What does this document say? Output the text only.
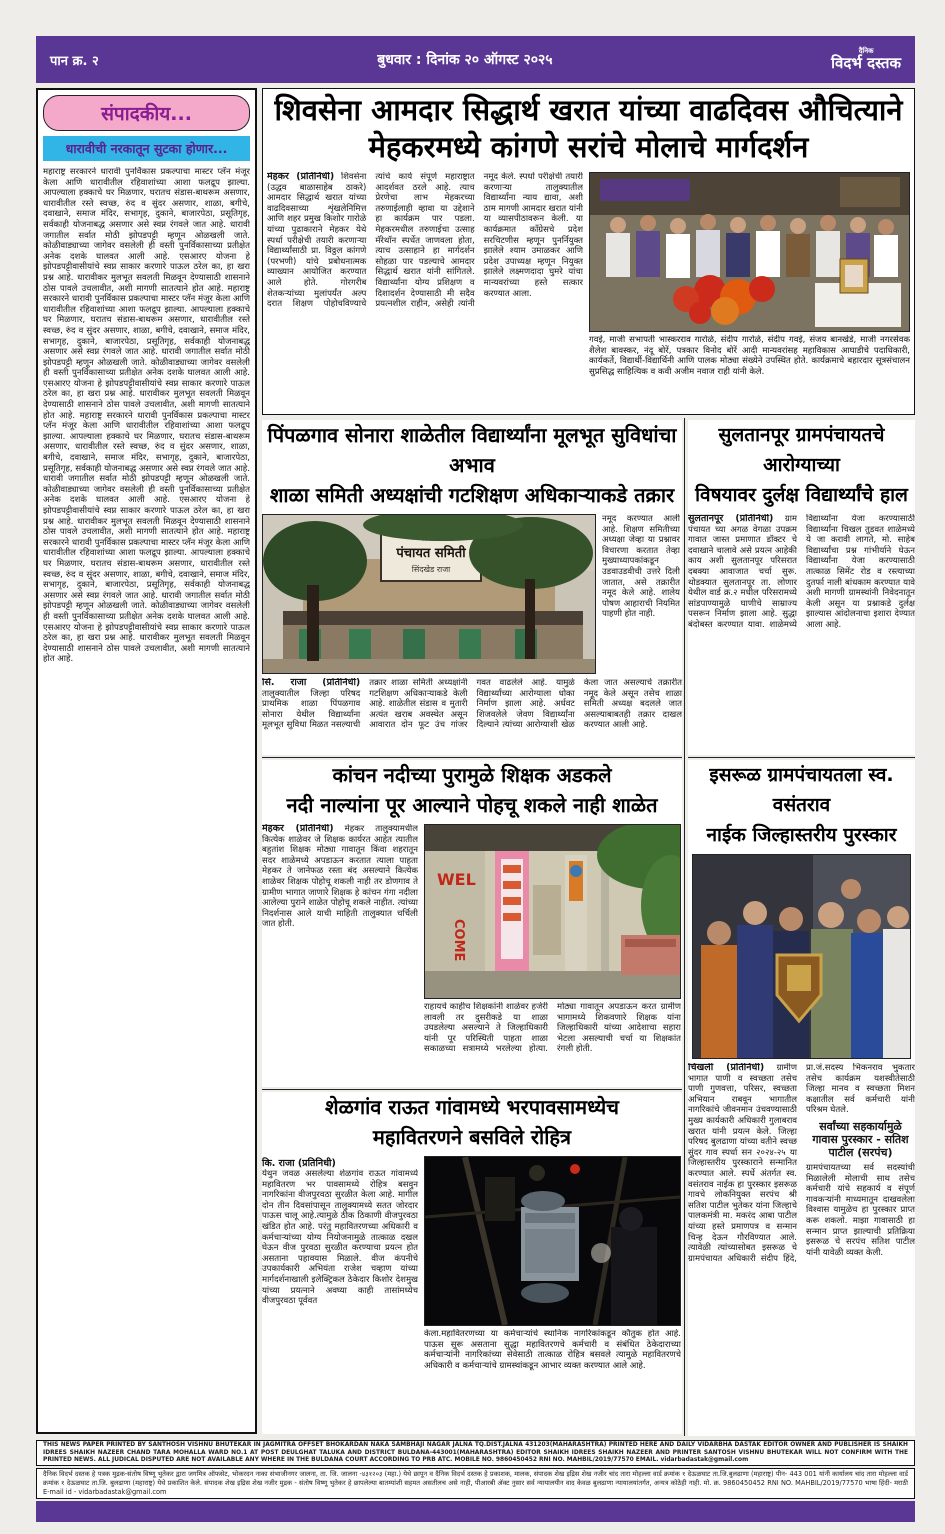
पान क्र. २	बुधवार : दिनांक २० ऑगस्ट २०२५
दैनिक
विदर्भ दस्तक
संपादकीय...
धारावीची नरकातून सुटका होणार...
महाराष्ट्र सरकारने धारावी पुनर्विकास प्रकल्पाचा मास्टर प्लॅन मंजूर केला आणि धारावीतील रहिवाशांच्या आशा फलद्रूप झाल्या. आपल्याला हक्काचे घर मिळणार, घरातच संडास-बाथरूम असणार, धारावीतील रस्ते स्वच्छ, रुंद व सुंदर असणार, शाळा, बगीचे, दवाखाने, समाज मंदिर, सभागृह, दुकाने, बाजारपेठा, प्रसूतिगृह, सर्वकाही योजनाबद्ध असणार असे स्वप्न रंगवले जात आहे. धारावी जगातील सर्वात मोठी झोपडपट्टी म्हणून ओळखली जाते. कोळीवाड्याच्या जागेवर वसलेली ही वस्ती पुनर्विकासाच्या प्रतीक्षेत अनेक दशके घालवत आली आहे. एसआरए योजना हे झोपडपट्टीवासीयांचे स्वप्न साकार करणारे पाऊल ठरेल का, हा खरा प्रश्न आहे. धारावीकर मुलभूत सवलती मिळवून देण्यासाठी शासनाने ठोस पावले उचलावीत, अशी मागणी सातत्याने होत आहे. महाराष्ट्र सरकारने धारावी पुनर्विकास प्रकल्पाचा मास्टर प्लॅन मंजूर केला आणि धारावीतील रहिवाशांच्या आशा फलद्रूप झाल्या. आपल्याला हक्काचे घर मिळणार, घरातच संडास-बाथरूम असणार, धारावीतील रस्ते स्वच्छ, रुंद व सुंदर असणार, शाळा, बगीचे, दवाखाने, समाज मंदिर, सभागृह, दुकाने, बाजारपेठा, प्रसूतिगृह, सर्वकाही योजनाबद्ध असणार असे स्वप्न रंगवले जात आहे. धारावी जगातील सर्वात मोठी झोपडपट्टी म्हणून ओळखली जाते. कोळीवाड्याच्या जागेवर वसलेली ही वस्ती पुनर्विकासाच्या प्रतीक्षेत अनेक दशके घालवत आली आहे. एसआरए योजना हे झोपडपट्टीवासीयांचे स्वप्न साकार करणारे पाऊल ठरेल का, हा खरा प्रश्न आहे. धारावीकर मुलभूत सवलती मिळवून देण्यासाठी शासनाने ठोस पावले उचलावीत, अशी मागणी सातत्याने होत आहे. महाराष्ट्र सरकारने धारावी पुनर्विकास प्रकल्पाचा मास्टर प्लॅन मंजूर केला आणि धारावीतील रहिवाशांच्या आशा फलद्रूप झाल्या. आपल्याला हक्काचे घर मिळणार, घरातच संडास-बाथरूम असणार, धारावीतील रस्ते स्वच्छ, रुंद व सुंदर असणार, शाळा, बगीचे, दवाखाने, समाज मंदिर, सभागृह, दुकाने, बाजारपेठा, प्रसूतिगृह, सर्वकाही योजनाबद्ध असणार असे स्वप्न रंगवले जात आहे. धारावी जगातील सर्वात मोठी झोपडपट्टी म्हणून ओळखली जाते. कोळीवाड्याच्या जागेवर वसलेली ही वस्ती पुनर्विकासाच्या प्रतीक्षेत अनेक दशके घालवत आली आहे. एसआरए योजना हे झोपडपट्टीवासीयांचे स्वप्न साकार करणारे पाऊल ठरेल का, हा खरा प्रश्न आहे. धारावीकर मुलभूत सवलती मिळवून देण्यासाठी शासनाने ठोस पावले उचलावीत, अशी मागणी सातत्याने होत आहे. महाराष्ट्र सरकारने धारावी पुनर्विकास प्रकल्पाचा मास्टर प्लॅन मंजूर केला आणि धारावीतील रहिवाशांच्या आशा फलद्रूप झाल्या. आपल्याला हक्काचे घर मिळणार, घरातच संडास-बाथरूम असणार, धारावीतील रस्ते स्वच्छ, रुंद व सुंदर असणार, शाळा, बगीचे, दवाखाने, समाज मंदिर, सभागृह, दुकाने, बाजारपेठा, प्रसूतिगृह, सर्वकाही योजनाबद्ध असणार असे स्वप्न रंगवले जात आहे. धारावी जगातील सर्वात मोठी झोपडपट्टी म्हणून ओळखली जाते. कोळीवाड्याच्या जागेवर वसलेली ही वस्ती पुनर्विकासाच्या प्रतीक्षेत अनेक दशके घालवत आली आहे. एसआरए योजना हे झोपडपट्टीवासीयांचे स्वप्न साकार करणारे पाऊल ठरेल का, हा खरा प्रश्न आहे. धारावीकर मुलभूत सवलती मिळवून देण्यासाठी शासनाने ठोस पावले उचलावीत, अशी मागणी सातत्याने होत आहे.
शिवसेना आमदार सिद्धार्थ खरात यांच्या वाढदिवस औचित्याने मेहकरमध्ये कांगणे सरांचे मोलाचे मार्गदर्शन
मेहकर (प्रतिनिधी) शिवसेना (उद्धव बाळासाहेब ठाकरे) आमदार सिद्धार्थ खरात यांच्या वाढदिवसाच्या शृंखलेनिमित्त आणि शहर प्रमुख किशोर गारोळे यांच्या पुढाकाराने मेहकर येथे स्पर्धा परीक्षेची तयारी करणाऱ्या विद्यार्थ्यांसाठी प्रा. विठ्ठल कांगणे (परभणी) यांचे प्रबोधनात्मक व्याख्यान आयोजित करण्यात आले होते. गोरगरीब शेतकऱ्यांच्या मुलांपर्यंत अल्प दरात शिक्षण पोहोचविण्याचे त्यांचे कार्य संपूर्ण महाराष्ट्रात आदर्शवत ठरले आहे. त्याच प्रेरणेचा लाभ मेहकरच्या तरुणाईलाही व्हावा या उद्देशाने हा कार्यक्रम पार पडला. मेहकरमधील तरुणाईचा उत्साह मॅरेथॉन स्पर्धेत जाणवला होता, त्याच उत्साहाने हा मार्गदर्शन सोहळा पार पडल्याचे आमदार सिद्धार्थ खरात यांनी सांगितले. विद्यार्थ्यांना योग्य प्रशिक्षण व दिशादर्शन देण्यासाठी मी सदैव प्रयत्नशील राहीन, असेही त्यांनी नमूद केले. स्पर्धा परीक्षेची तयारी करणाऱ्या तालुक्यातील विद्यार्थ्यांना न्याय द्यावा, अशी ठाम मागणी आमदार खरात यांनी या व्यासपीठावरून केली. या कार्यक्रमात काँग्रेसचे प्रदेश सरचिटणीस म्हणून पुनर्नियुक्त झालेले श्याम उमाळकर आणि प्रदेश उपाध्यक्ष म्हणून नियुक्त झालेले लक्ष्मणदादा घुमरे यांचा मान्यवरांच्या हस्ते सत्कार करण्यात आला.
गवई, माजी सभापती भास्करराव गारोळे, संदीप गारोळे, संदीप गवई, संजय बानखेडे, माजी नगरसेवक शैलेश बावस्कर, नंदू बोरें, पत्रकार विनोद बोरें आदी मान्यवरांसह महाविकास आघाडीचे पदाधिकारी, कार्यकर्ते, विद्यार्थी-विद्यार्थिनी आणि पालक मोठ्या संख्येने उपस्थित होते. कार्यक्रमाचे बहारदार सूत्रसंचालन सुप्रसिद्ध साहित्यिक व कवी अजीम नवाज राही यांनी केले.
पिंपळगाव सोनारा शाळेतील विद्यार्थ्यांना मूलभूत सुविधांचा अभाव
शाळा समिती अध्यक्षांची गटशिक्षण अधिकाऱ्याकडे तक्रार
पंचायत समिती
सिंदखेड राजा
नमूद करण्यात आली आहे. शिक्षण समितीच्या अध्यक्षा जेव्हा या प्रश्नावर विचारणा करतात तेव्हा मुख्याध्यापकांकडून उडवाउडवीची उत्तरे दिली जातात, असे तक्रारीत नमूद केले आहे. शालेय पोषण आहाराची नियमित पाहणी होत नाही.
सि. राजा (प्रतिनिधी) तालुक्यातील जिल्हा परिषद प्राथमिक शाळा पिंपळगाव सोनारा येथील विद्यार्थ्यांना मूलभूत सुविधा मिळत नसल्याची तक्रार शाळा समिती अध्यक्षांनी गटशिक्षण अधिकाऱ्याकडे केली आहे. शाळेतील संडास व मुतारी अत्यंत खराब अवस्थेत असून आवारात दोन फूट उंच गांजर गवत वाढलेले आहे. यामुळे विद्यार्थ्यांच्या आरोग्याला धोका निर्माण झाला आहे. अर्धवट शिजवलेले जेवण विद्यार्थ्यांना दिल्याने त्यांच्या आरोग्याशी खेळ केला जात असल्याचे तक्रारीत नमूद केले असून तसेच शाळा समिती अध्यक्ष बदलले जात असल्याबाबतही तक्रार दाखल करण्यात आली आहे.
सुलतानपूर ग्रामपंचायतचे आरोग्याच्या
विषयावर दुर्लक्ष विद्यार्थ्यांचे हाल
सुलतानपूर (प्रतिनिधी) ग्राम पंचायत च्या अगळ वेगळा उपक्रम गावात जास्त प्रमाणात डॉक्टर चे दवाखाने चालावे असे प्रयत्न आहेकी काय अशी सुलतानपूर परिसरात दबक्या आवाजात चर्चा सुरू. थोडक्यात सुलतानपूर ता. लोणार येथील वार्ड क्र.२ मधील परिसरामध्ये सांडपाण्यामुळे घाणीचे साम्राज्य पसरून निर्माण झाला आहे. सुद्धा बंदोबस्त करण्यात यावा. शाळेमध्ये विद्यार्थ्यांना येजा करण्यासाठी विद्यार्थ्यांना चिखल तुडवत शाळेमध्ये ये जा करावी लागते, मो. साहेब विद्यार्थ्यांचा प्रश्न गांभीर्याने घेऊन विद्यार्थ्यांना येजा करण्यासाठी तात्काळ सिमेंट रोड व रस्त्याच्या दुतर्फा नाली बांधकाम करण्यात यावे अशी मागणी ग्रामस्थांनी निवेदनातून केली असून या प्रश्नाकडे दुर्लक्ष झाल्यास आंदोलनाचा इशारा देण्यात आला आहे.
कांचन नदीच्या पुरामुळे शिक्षक अडकले
नदी नाल्यांना पूर आल्याने पोहचू शकले नाही शाळेत
मेहकर (प्रतिनिधी) मेहकर तालुक्यामधील कित्येक शाळेवर जे शिक्षक कार्यरत आहेत त्यातील बहुतांश शिक्षक मोठ्या गावातून किंवा शहरातून सदर शाळेमध्ये अपडाऊन करतात त्याला पाहता मेहकर ते जानेफळ रस्ता बंद असल्याने कित्येक शाळेवर शिक्षक पोहोचू शकली नाही तर डोणगाव ते ग्रामीण भागात जाणारे शिक्षक हे कांचन गंगा नदीला आलेल्या पुराने शाळेत पोहोचू शकले नाहीत. त्यांच्या निदर्शनास आले याची माहिती तालुक्यात चर्चिली जात होती.
WEL
COME
राहायचे काहीच शिक्षकांनी शाळेवर हजेरी लावली तर दुसरीकडे या शाळा उघडलेल्या असल्याने ते जिल्हाधिकारी यांनी पूर परिस्थिती पाहता शाळा सकाळच्या सत्रामध्ये भरलेल्या होत्या. मोठ्या गावातून अपडाऊन करत ग्रामीण भागामध्ये शिकवणारे शिक्षक यांना जिल्हाधिकारी यांच्या आदेशाचा सहारा भेटला असल्याची चर्चा या शिक्षकांत रंगली होती.
इसरूळ ग्रामपंचायतला स्व. वसंतराव
नाईक जिल्हास्तरीय पुरस्कार
चिखली (प्रतिनिधी) ग्रामीण भागात पाणी व स्वच्छता तसेच पाणी गुणवत्ता, परिसर, स्वच्छता अभियान राबवून भागातील नागरिकांचे जीवनमान उंचवण्यासाठी मुख्य कार्यकारी अधिकारी गुलाबराव खरात यांनी प्रयत्न केले. जिल्हा परिषद बुलढाणा यांच्या वतीने स्वच्छ सुंदर गाव स्पर्धा सन २०२४-२५ या जिल्हास्तरीय पुरस्काराने सन्मानित करण्यात आले. स्पर्धे अंतर्गत स्व. वसंतराव नाईक हा पुरस्कार इसरूळ गावचे लोकनियुक्त सरपंच श्री सतिश पाटील भुतेकर यांना जिल्हाचे पालकमंत्री मा. मकरंद आबा पाटील यांच्या हस्ते प्रमाणपत्र व सन्मान चिन्ह देऊन गौरविण्यात आले. त्यावेळी त्यांच्यासोबत इसरूळ चे ग्रामपंचायत अधिकारी संदीप हिंदे, प्रा.जं.सदस्य भिकनराव भुकतार तसेच कार्यक्रम यशस्वीतेसाठी जिल्हा मानव व स्वच्छता मिशन कक्षातील सर्व कर्मचारी यांनी परिश्रम घेतले.
सर्वांच्या सहकार्यामुळे गावास पुरस्कार - सतिश पाटील (सरपंच)
ग्रामपंचायतच्या सर्व सदस्यांची मिळालेली मोलाची साथ तसेच कर्मचारी यांचे सहकार्य व संपूर्ण गावकऱ्यांनी माध्यमातून दाखवलेला विश्वास यामुळेच हा पुरस्कार प्राप्त करू शकलो. माझा गावासाठी हा सन्मान प्राप्त झाल्याची प्रतिक्रिया इसरूळ चे सरपंच सतिश पाटील यांनी यावेळी व्यक्त केली.
शेळगांव राऊत गांवामध्ये भरपावसामध्येच
महावितरणने बसविले रोहित्र
कि. राजा (प्रतिनिधी)
येथुन जवळ असलेल्या शेळगांव राऊत गांवामध्ये महावितरण भर पावसामध्ये रोहित्र बसवुन नागरिकांना वीजपुरवठा सुरळीत केला आहे. मागील दोन तीन दिवसांपासून तालुक्यामध्ये सतत जोरदार पाऊस चालू आहे.त्यामुळे ठीक ठिकाणी वीजपुरवठा खंडित होत आहे. परंतु महावितरणच्या अधिकारी व कर्मचाऱ्यांच्या योग्य नियोजनामुळे तात्काळ दखल घेऊन वीज पुरवठा सुरळीत करण्याचा प्रयत्न होत असताना पहावयास मिळाले. वीज कंपनीचे उपकार्यकारी अभियंता राजेश चव्हाण यांच्या मार्गदर्शनाखाली इलेक्ट्रिकल ठेकेदार किशोर देशमुख यांच्या प्रयत्नाने अवघ्या काही तासांमध्येच वीजपुरवठा पूर्ववत
केला.महावितरणच्या या कर्मचाऱ्यांचे स्थानिक नागरिकांकडून कौतुक होत आहे. पाऊस सुरू असताना सुद्धा महावितरणचे कर्मचारी व संबंधित ठेकेदाराच्या कर्मचाऱ्यांनी नागरिकांच्या सेवेसाठी तात्काळ रोहित्र बसवले त्यामुळे महावितरणचे अधिकारी व कर्मचाऱ्यांचे ग्रामस्थांकडून आभार व्यक्त करण्यात आले आहे.
THIS NEWS PAPER PRINTED BY SANTHOSH VISHNU BHUTEKAR IN JAGMITRA OFFSET BHOKARDAN NAKA SAMBHAJI NAGAR JALNA TQ.DIST.JALNA 431203(MAHARASHTRA) PRINTED HERE AND DAILY VIDARBHA DASTAK EDITOR OWNER AND PUBLISHER IS SHAIKH IDREES SHAIKH NAZEER CHAND TARA MOHALLA WARD NO.1 AT POST DEULGHAT TALUKA AND DISTRICT BULDANA-443001(MAHARASHTRA) EDITOR SHAIKH IDREES SHAIKH NAZEER AND PRINTER SANTOSH VISHNU BHUTEKAR WILL NOT CONFIRM WITH THE PRINTED NEWS. ALL JUDICAL DISPUTED ARE NOT AVAILABLE ANY WHERE IN THE BULDANA COURT ACCORDING TO PRB ATC. MOBILE NO. 9860450452 RNI NO. MAHBIL/2019/77570 EMAIL. vidarbadastak@gmail.com
दैनिक विदर्भ दस्तक हे पत्रक मुद्रक-संतोष विष्णू भुतेकर द्वारा जगमित्र ऑफसेट, भोकरदन नाका संभाजीनगर जालना, ता. जि. जालना -४३१२०३ (महा.) येथे छापून व दैनिक विदर्भ दस्तक हे प्रकाशक, मालक, संपादक शेख इद्रिस शेख नजीर चांद तारा मोहल्ला वार्ड क्रमांक १ देऊळघाट ता.जि.बुलढाणा (महाराष्ट्र) पीन- 443 001 यांनी कार्यालय चांद तारा मोहल्ला वार्ड क्रमांक १ देऊळघाट ता.जि. बुलढाणा (महाराष्ट्र) येथे प्रकाशित केले. संपादक शेख इद्रिस शेख नजीर मुद्रक - संतोष विष्णू भुतेकर हे छापलेल्या बातम्यांशी सहमत असतीलच असे नाही, पीआरबी ॲक्ट नुसार सर्व न्यायालयीन वाद केवळ बुलढाणा न्यायालयांतर्गत, अन्यत्र कोठेही नाही. मो. क्र. 9860450452 RNI NO. MAHBIL/2019/77570 भाषा हिंदी- मराठी E-mail id - vidarbadastak@gmail.com
